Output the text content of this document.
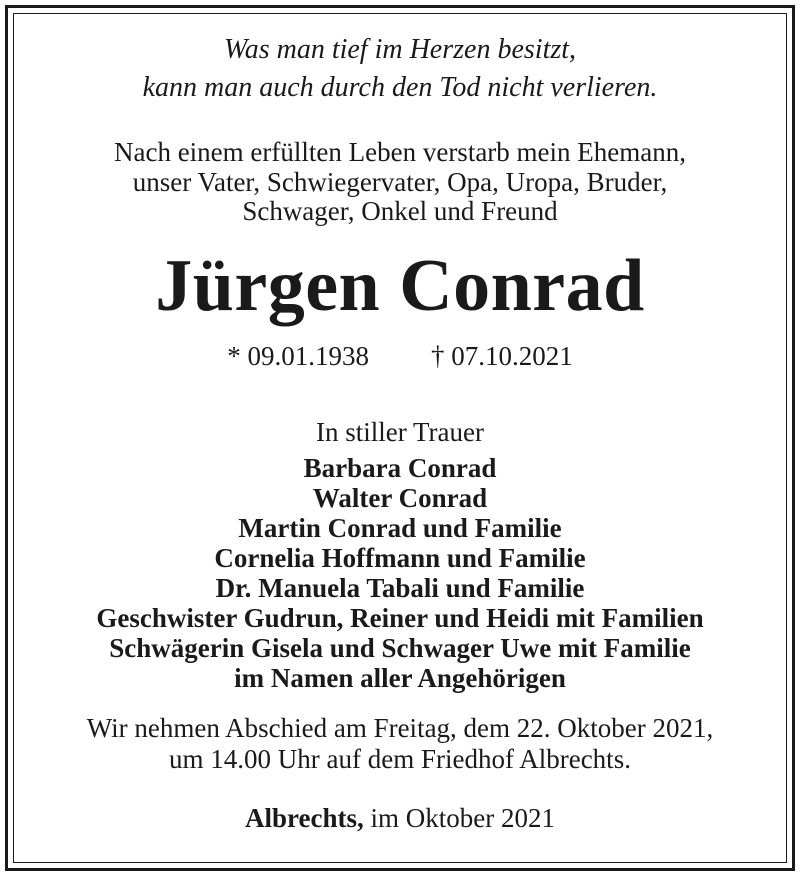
Was man tief im Herzen besitzt,
kann man auch durch den Tod nicht verlieren.
Nach einem erfüllten Leben verstarb mein Ehemann,
unser Vater, Schwiegervater, Opa, Uropa, Bruder,
Schwager, Onkel und Freund
Jürgen Conrad
* 09.01.1938 † 07.10.2021
In stiller Trauer
Barbara Conrad
Walter Conrad
Martin Conrad und Familie
Cornelia Hoffmann und Familie
Dr. Manuela Tabali und Familie
Geschwister Gudrun, Reiner und Heidi mit Familien
Schwägerin Gisela und Schwager Uwe mit Familie
im Namen aller Angehörigen
Wir nehmen Abschied am Freitag, dem 22. Oktober 2021,
um 14.00 Uhr auf dem Friedhof Albrechts.
Albrechts, im Oktober 2021
